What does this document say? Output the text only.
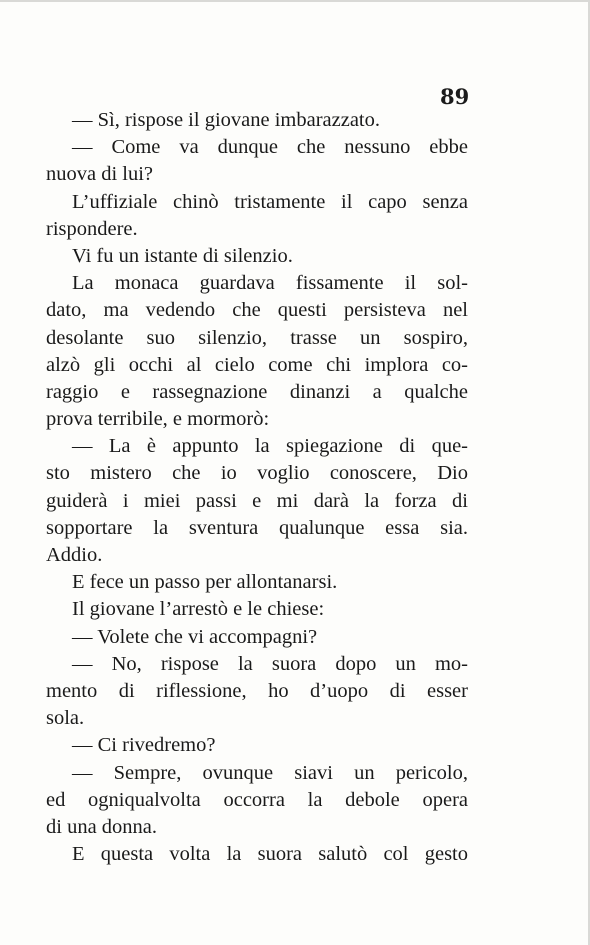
89
— Sì, rispose il giovane imbarazzato.
— Come va dunque che nessuno ebbe
nuova di lui?
L’uffiziale chinò tristamente il capo senza
rispondere.
Vi fu un istante di silenzio.
La monaca guardava fissamente il sol-
dato, ma vedendo che questi persisteva nel
desolante suo silenzio, trasse un sospiro,
alzò gli occhi al cielo come chi implora co-
raggio e rassegnazione dinanzi a qualche
prova terribile, e mormorò:
— La è appunto la spiegazione di que-
sto mistero che io voglio conoscere, Dio
guiderà i miei passi e mi darà la forza di
sopportare la sventura qualunque essa sia.
Addio.
E fece un passo per allontanarsi.
Il giovane l’arrestò e le chiese:
— Volete che vi accompagni?
— No, rispose la suora dopo un mo-
mento di riflessione, ho d’uopo di esser
sola.
— Ci rivedremo?
— Sempre, ovunque siavi un pericolo,
ed ogniqualvolta occorra la debole opera
di una donna.
E questa volta la suora salutò col gesto
